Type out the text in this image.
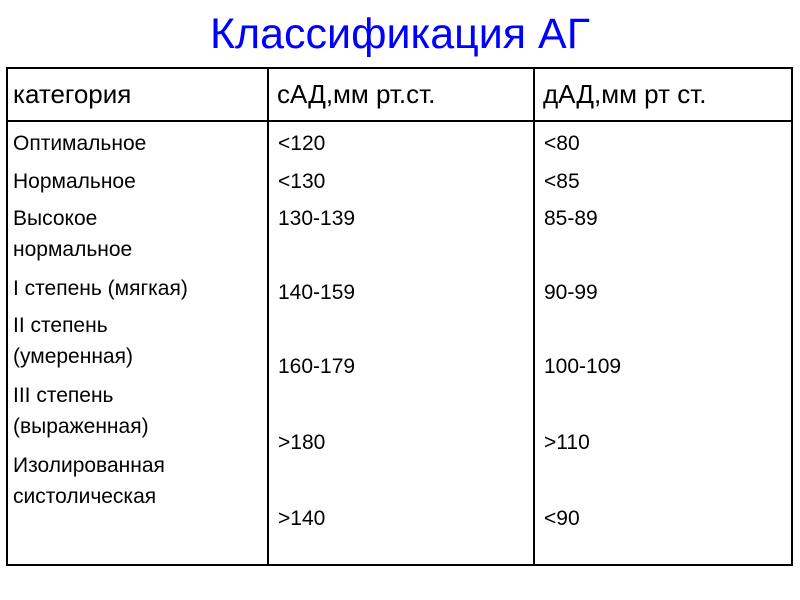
Классификация АГ
категория	сАД,мм рт.ст.	дАД,мм рт ст.
Оптимальное
Нормальное
Высокое
нормальное
I степень (мягкая)
II степень
(умеренная)
III степень
(выраженная)
Изолированная
систолическая
<120
<130
130-139
140-159
160-179
>180
>140
<80
<85
85-89
90-99
100-109
>110
<90
